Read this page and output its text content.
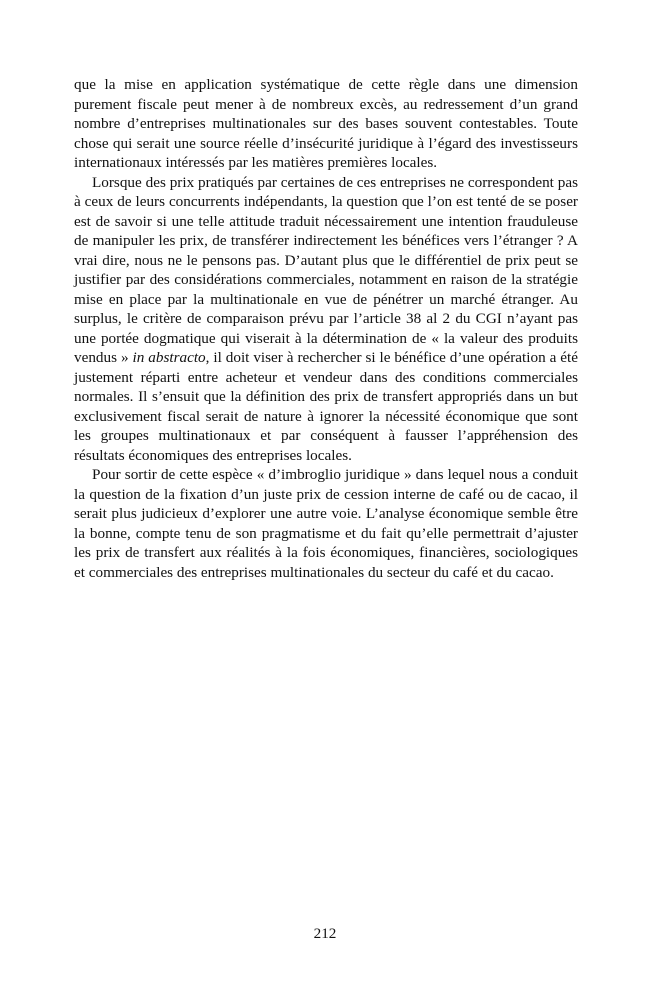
que la mise en application systématique de cette règle dans une dimension purement fiscale peut mener à de nombreux excès, au redressement d’un grand nombre d’entreprises multinationales sur des bases souvent contestables. Toute chose qui serait une source réelle d’insécurité juridique à l’égard des investisseurs internationaux intéressés par les matières premières locales.

Lorsque des prix pratiqués par certaines de ces entreprises ne correspondent pas à ceux de leurs concurrents indépendants, la question que l’on est tenté de se poser est de savoir si une telle attitude traduit nécessairement une intention frauduleuse de manipuler les prix, de transférer indirectement les bénéfices vers l’étranger ? A vrai dire, nous ne le pensons pas. D’autant plus que le différentiel de prix peut se justifier par des considérations commerciales, notamment en raison de la stratégie mise en place par la multinationale en vue de pénétrer un marché étranger. Au surplus, le critère de comparaison prévu par l’article 38 al 2 du CGI n’ayant pas une portée dogmatique qui viserait à la détermination de « la valeur des produits vendus » in abstracto, il doit viser à rechercher si le bénéfice d’une opération a été justement réparti entre acheteur et vendeur dans des conditions commerciales normales. Il s’ensuit que la définition des prix de transfert appropriés dans un but exclusivement fiscal serait de nature à ignorer la nécessité économique que sont les groupes multinationaux et par conséquent à fausser l’appréhension des résultats économiques des entreprises locales.

Pour sortir de cette espèce « d’imbroglio juridique » dans lequel nous a conduit la question de la fixation d’un juste prix de cession interne de café ou de cacao, il serait plus judicieux d’explorer une autre voie. L’analyse économique semble être la bonne, compte tenu de son pragmatisme et du fait qu’elle permettrait d’ajuster les prix de transfert aux réalités à la fois économiques, financières, sociologiques et commerciales des entreprises multinationales du secteur du café et du cacao.

212
